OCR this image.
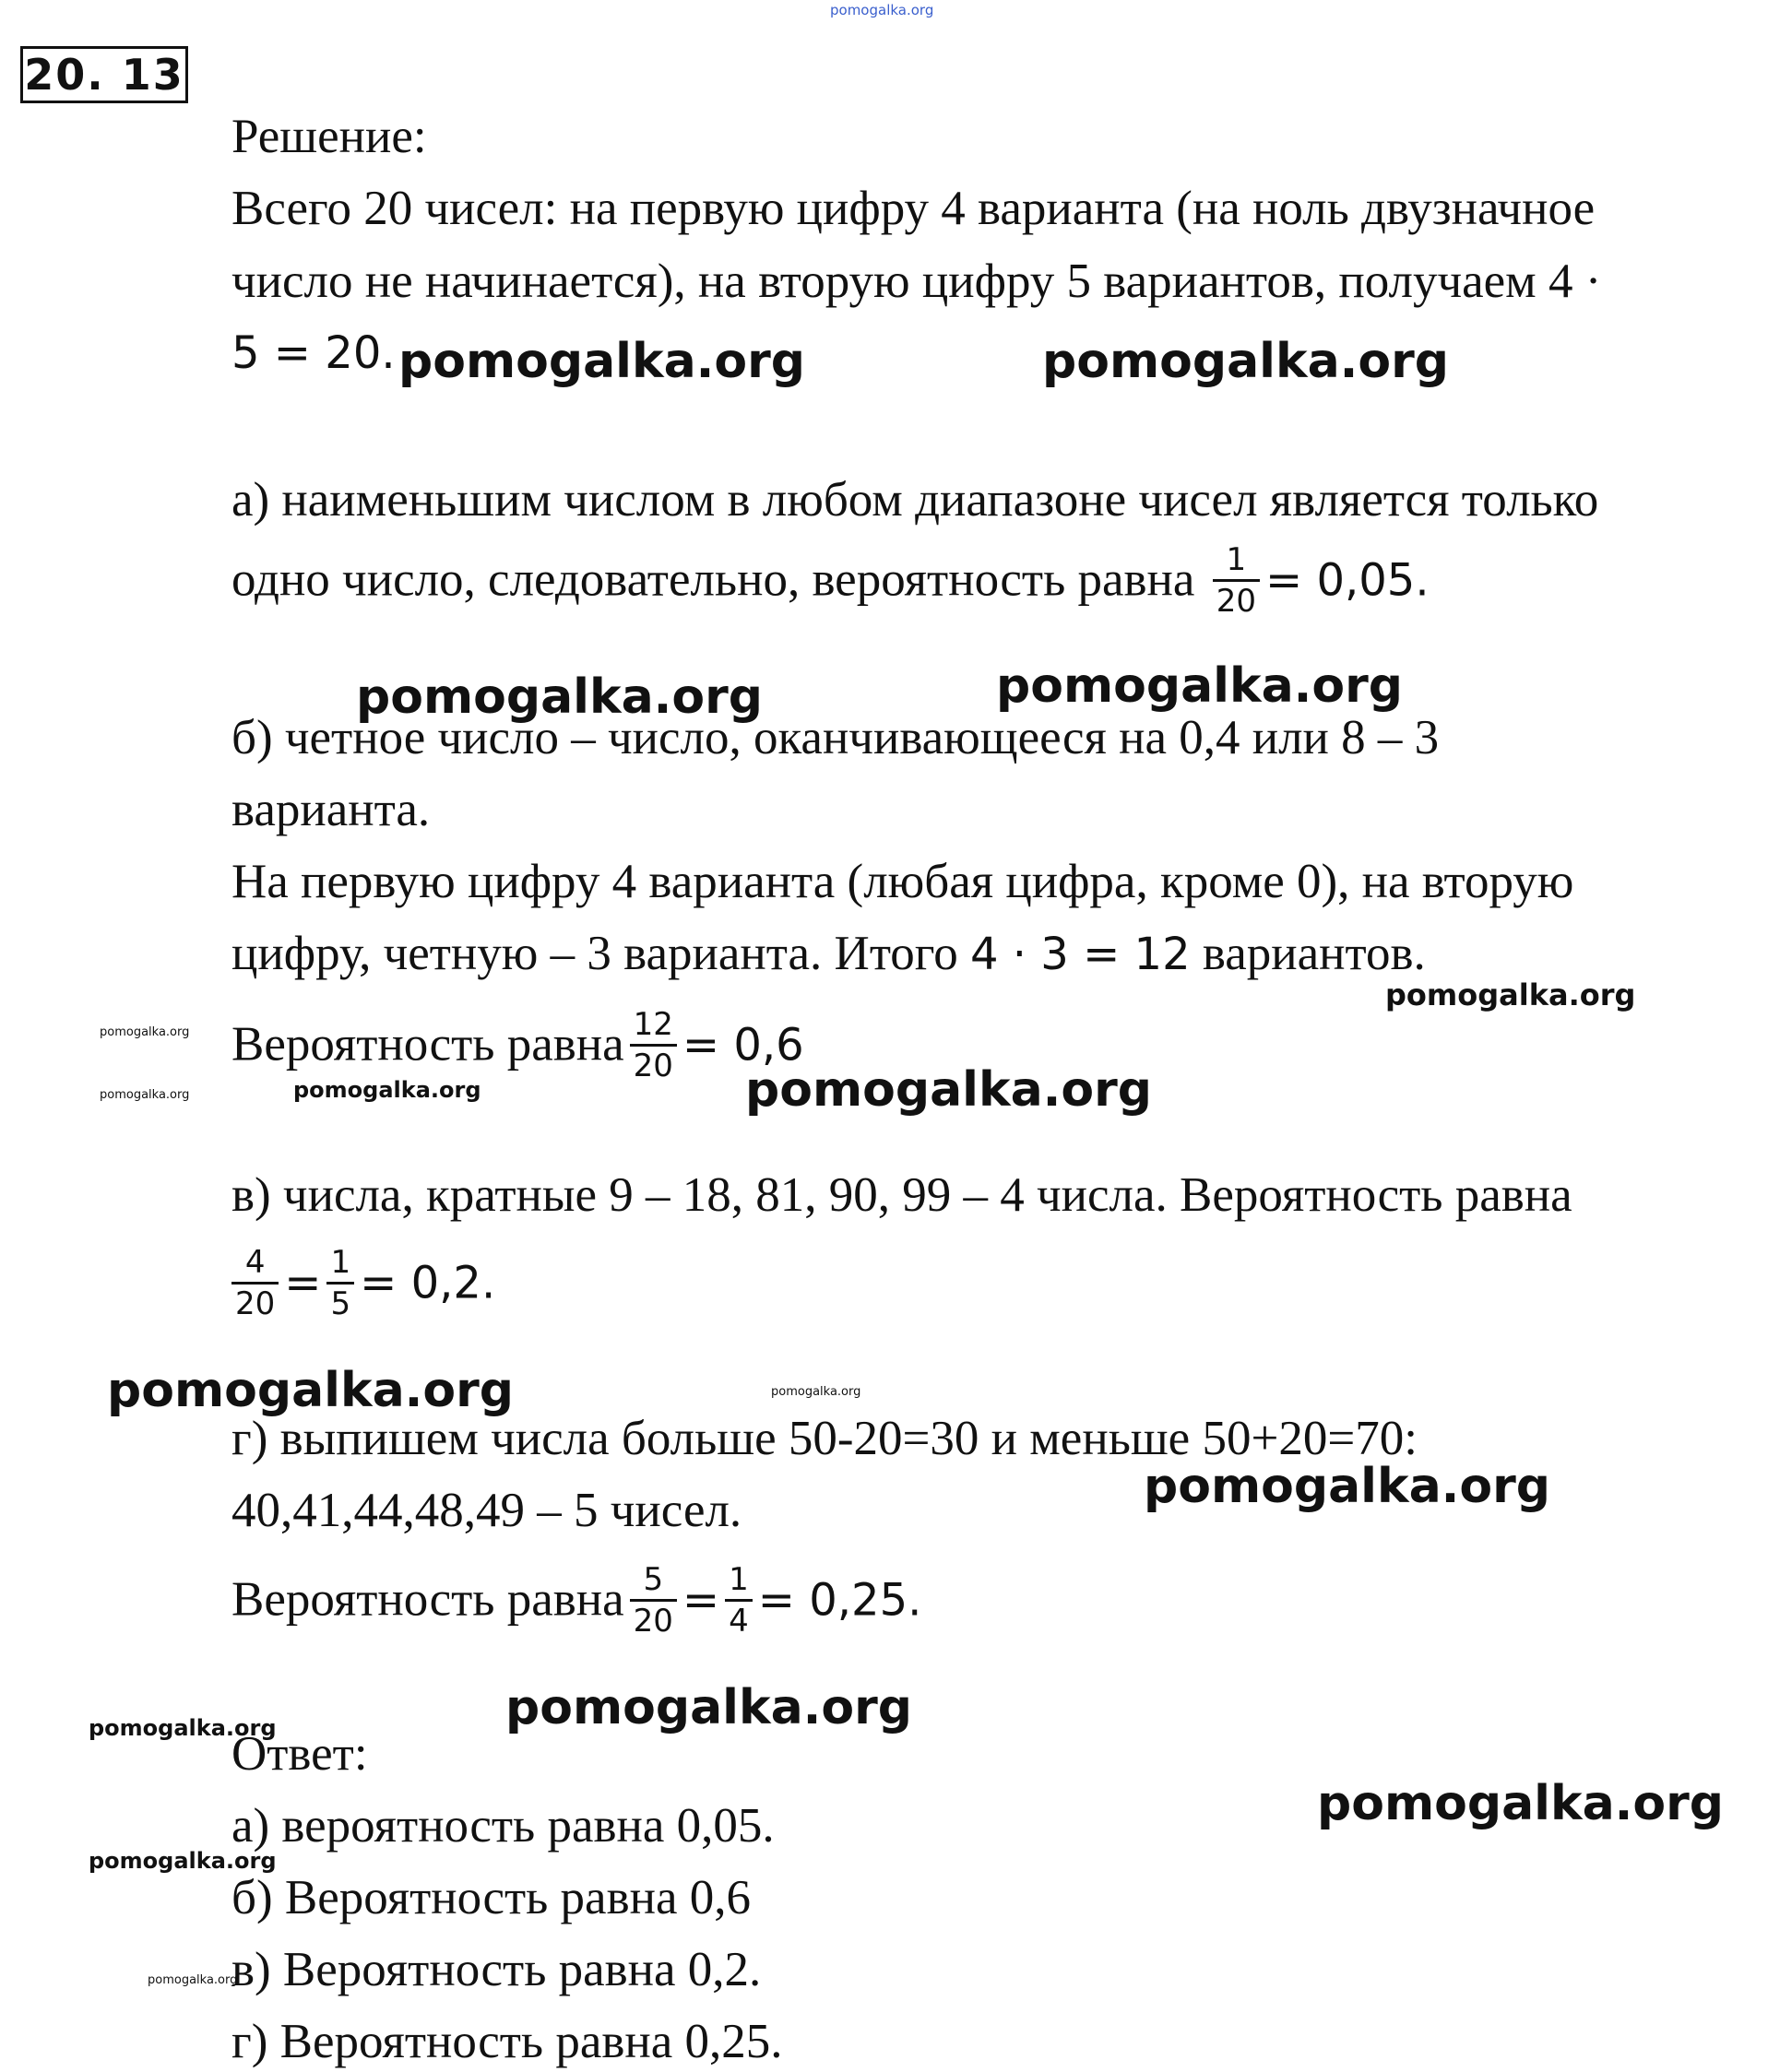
pomogalka.org
20. 13
Решение:
Всего 20 чисел: на первую цифру 4 варианта (на ноль двузначное
число не начинается), на вторую цифру 5 вариантов, получаем 4 ·
5 = 20.
а) наименьшим числом в любом диапазоне чисел является только
одно число, следовательно, вероятность равна $\frac{1}{20} = 0,05$.
б) четное число – число, оканчивающееся на 0,4 или 8 – 3
варианта.
На первую цифру 4 варианта (любая цифра, кроме 0), на вторую
цифру, четную – 3 варианта. Итого 4 · 3 = 12 вариантов.
Вероятность равна $\frac{12}{20} = 0,6$
в) числа, кратные 9 – 18, 81, 90, 99 – 4 числа. Вероятность равна
$\frac{4}{20} = \frac{1}{5} = 0,2$.
г) выпишем числа больше 50-20=30 и меньше 50+20=70:
40,41,44,48,49 – 5 чисел.
Вероятность равна $\frac{5}{20} = \frac{1}{4} = 0,25$.
Ответ:
а) вероятность равна 0,05.
б) Вероятность равна 0,6
в) Вероятность равна 0,2.
г) Вероятность равна 0,25.
pomogalka.org	pomogalka.org
pomogalka.org	pomogalka.org
pomogalka.org
pomogalka.org
pomogalka.org	pomogalka.org	pomogalka.org
pomogalka.org	pomogalka.org
pomogalka.org
pomogalka.org
pomogalka.org
pomogalka.org
pomogalka.org
pomogalka.org
